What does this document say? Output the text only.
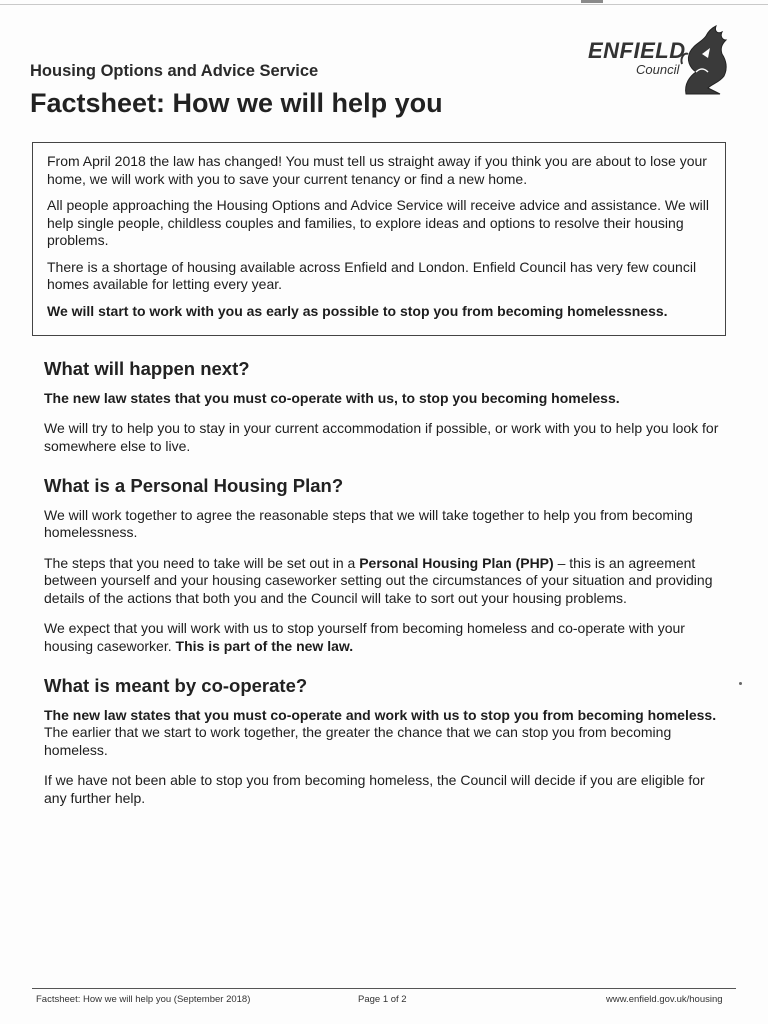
Housing Options and Advice Service
Factsheet: How we will help you
ENFIELD
Council

From April 2018 the law has changed! You must tell us straight away if you think you are about to lose your home, we will work with you to save your current tenancy or find a new home.

All people approaching the Housing Options and Advice Service will receive advice and assistance. We will help single people, childless couples and families, to explore ideas and options to resolve their housing problems.

There is a shortage of housing available across Enfield and London. Enfield Council has very few council homes available for letting every year.

We will start to work with you as early as possible to stop you from becoming homelessness.

What will happen next?

The new law states that you must co-operate with us, to stop you becoming homeless.

We will try to help you to stay in your current accommodation if possible, or work with you to help you look for somewhere else to live.

What is a Personal Housing Plan?

We will work together to agree the reasonable steps that we will take together to help you from becoming homelessness.

The steps that you need to take will be set out in a Personal Housing Plan (PHP) – this is an agreement between yourself and your housing caseworker setting out the circumstances of your situation and providing details of the actions that both you and the Council will take to sort out your housing problems.

We expect that you will work with us to stop yourself from becoming homeless and co-operate with your housing caseworker. This is part of the new law.

What is meant by co-operate?

The new law states that you must co-operate and work with us to stop you from becoming homeless. The earlier that we start to work together, the greater the chance that we can stop you from becoming homeless.

If we have not been able to stop you from becoming homeless, the Council will decide if you are eligible for any further help.

Factsheet: How we will help you (September 2018)	Page 1 of 2	www.enfield.gov.uk/housing
